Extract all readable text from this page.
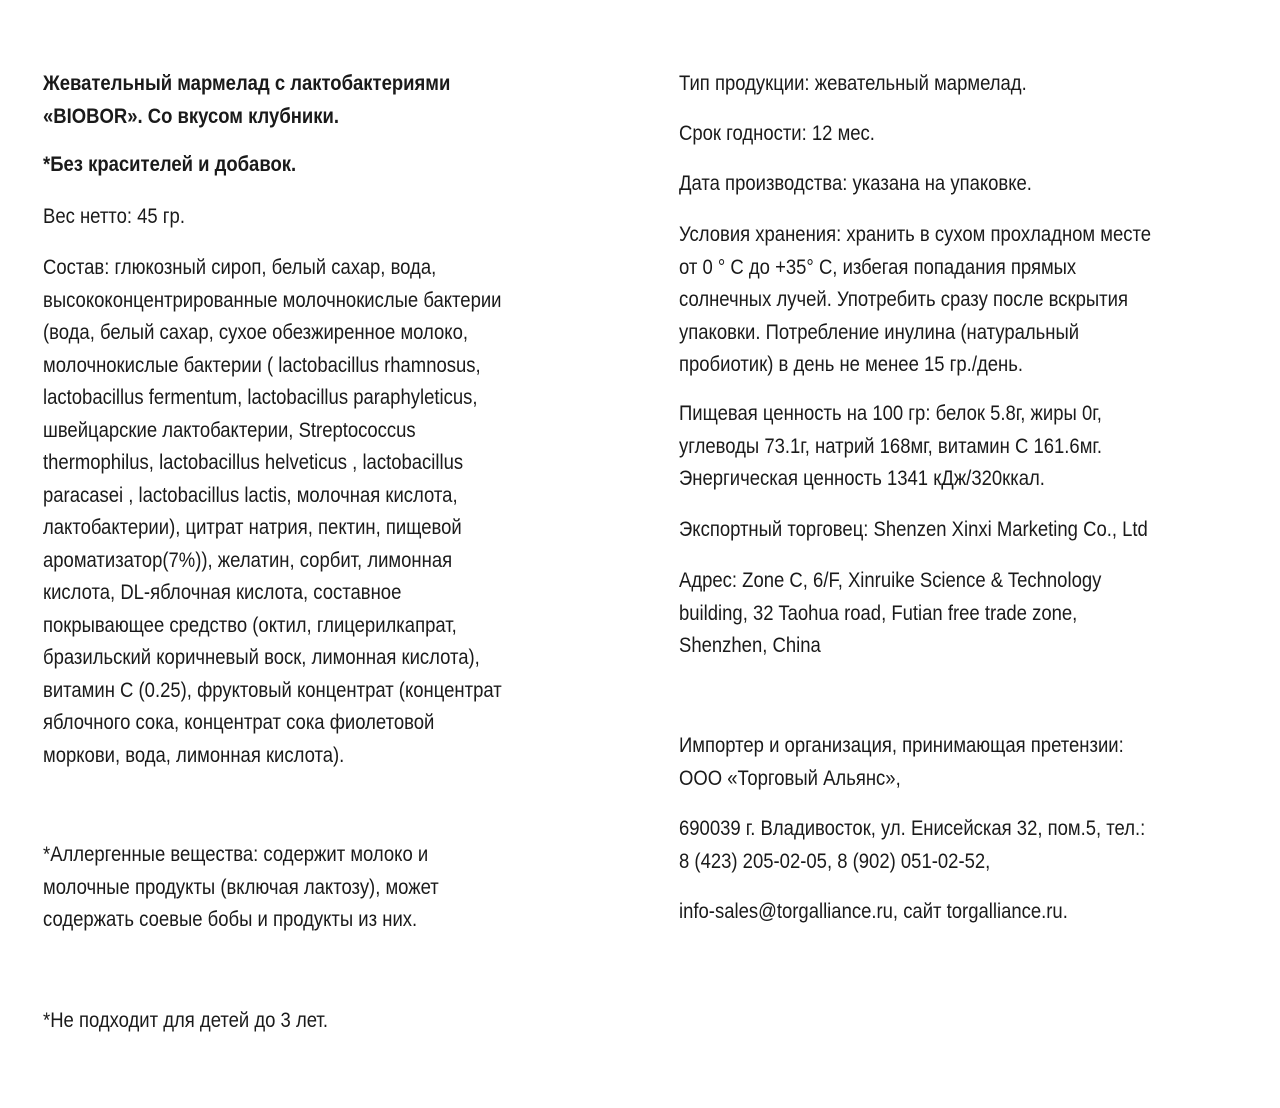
Жевательный мармелад с лактобактериями
«BIOBOR». Со вкусом клубники.
*Без красителей и добавок.
Вес нетто: 45 гр.
Состав: глюкозный сироп, белый сахар, вода,
высококонцентрированные молочнокислые бактерии
(вода, белый сахар, сухое обезжиренное молоко,
молочнокислые бактерии ( lactobacillus rhamnosus,
lactobacillus fermentum, lactobacillus paraphyleticus,
швейцарские лактобактерии, Streptococcus
thermophilus, lactobacillus helveticus , lactobacillus
paracasei , lactobacillus lactis, молочная кислота,
лактобактерии), цитрат натрия, пектин, пищевой
ароматизатор(7%)), желатин, сорбит, лимонная
кислота, DL-яблочная кислота, составное
покрывающее средство (октил, глицерилкапрат,
бразильский коричневый воск, лимонная кислота),
витамин С (0.25), фруктовый концентрат (концентрат
яблочного сока, концентрат сока фиолетовой
моркови, вода, лимонная кислота).
*Аллергенные вещества: содержит молоко и
молочные продукты (включая лактозу), может
содержать соевые бобы и продукты из них.
*Не подходит для детей до 3 лет.
Тип продукции: жевательный мармелад.
Срок годности: 12 мес.
Дата производства: указана на упаковке.
Условия хранения: хранить в сухом прохладном месте
от 0 ° С до +35° С, избегая попадания прямых
солнечных лучей. Употребить сразу после вскрытия
упаковки. Потребление инулина (натуральный
пробиотик) в день не менее 15 гр./день.
Пищевая ценность на 100 гр: белок 5.8г, жиры 0г,
углеводы 73.1г, натрий 168мг, витамин С 161.6мг.
Энергическая ценность 1341 кДж/320ккал.
Экспортный торговец: Shenzen Xinxi Marketing Co., Ltd
Адрес: Zone C, 6/F, Xinruike Science & Technology
building, 32 Taohua road, Futian free trade zone,
Shenzhen, China
Импортер и организация, принимающая претензии:
ООО «Торговый Альянс»,
690039 г. Владивосток, ул. Енисейская 32, пом.5, тел.:
8 (423) 205-02-05, 8 (902) 051-02-52,
info-sales@torgalliance.ru, сайт torgalliance.ru.
